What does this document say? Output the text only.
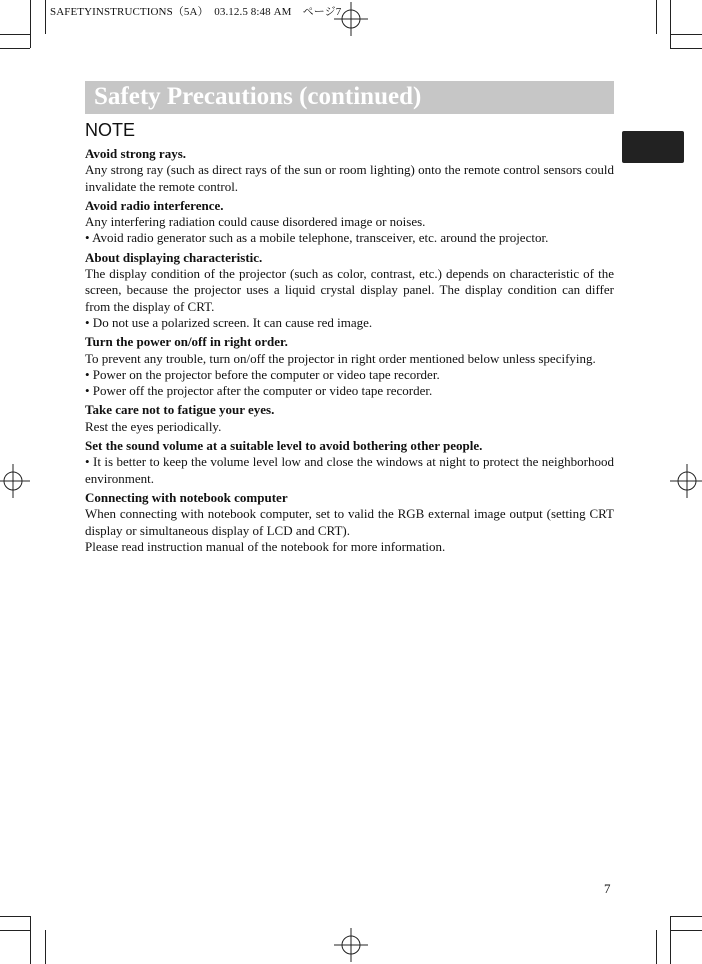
SAFETYINSTRUCTIONS（5A）　03.12.5 8:48 AM　ページ7
Safety Precautions (continued)
NOTE
Avoid strong rays.

Any strong ray (such as direct rays of the sun or room lighting) onto the remote control sensors could invalidate the remote control.

Avoid radio interference.

Any interfering radiation could cause disordered image or noises.

• Avoid radio generator such as a mobile telephone, transceiver, etc. around the projector.

About displaying characteristic.

The display condition of the projector (such as color, contrast, etc.) depends on characteristic of the screen, because the projector uses a liquid crystal display panel. The display condition can differ from the display of CRT.

• Do not use a polarized screen. It can cause red image.

Turn the power on/off in right order.

To prevent any trouble, turn on/off the projector in right order mentioned below unless specifying.

• Power on the projector before the computer or video tape recorder.

• Power off the projector after the computer or video tape recorder.

Take care not to fatigue your eyes.

Rest the eyes periodically.

Set the sound volume at a suitable level to avoid bothering other people.

• It is better to keep the volume level low and close the windows at night to protect the neighborhood environment.

Connecting with notebook computer

When connecting with notebook computer, set to valid the RGB external image output (setting CRT display or simultaneous display of LCD and CRT).

Please read instruction manual of the notebook for more information.

7
